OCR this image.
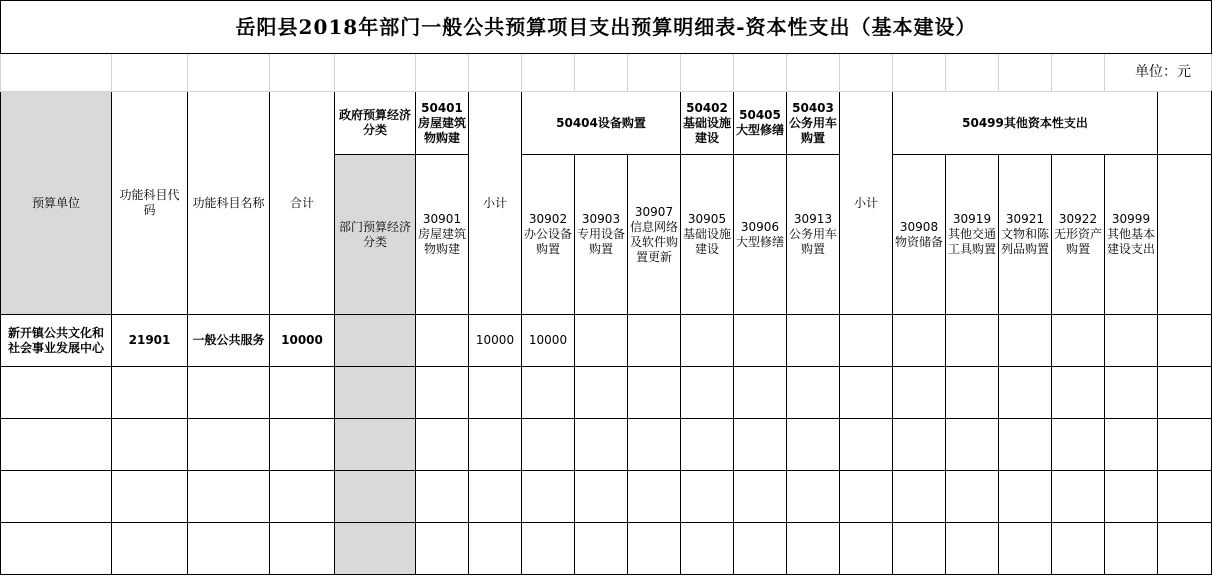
岳阳县2018年部门一般公共预算项目支出预算明细表-资本性支出（基本建设）																				
																		单位：元		
预算单位	功能科目代码	功能科目名称	合计	政府预算经济分类	50401房屋建筑物购建	小计	50404设备购置			50402基础设施建设	50405大型修缮	50403公务用车购置	小计	50499其他资本性支出						
				部门预算经济分类	30901房屋建筑物购建		30902办公设备购置	30903专用设备购置	30907信息网络及软件购置更新	30905基础设施建设	30906大型修缮	30913公务用车购置		30908物资储备	30919其他交通工具购置	30921文物和陈列品购置	30922无形资产购置	30999其他基本建设支出		
新开镇公共文化和社会事业发展中心	21901	一般公共服务	10000			10000	10000													
